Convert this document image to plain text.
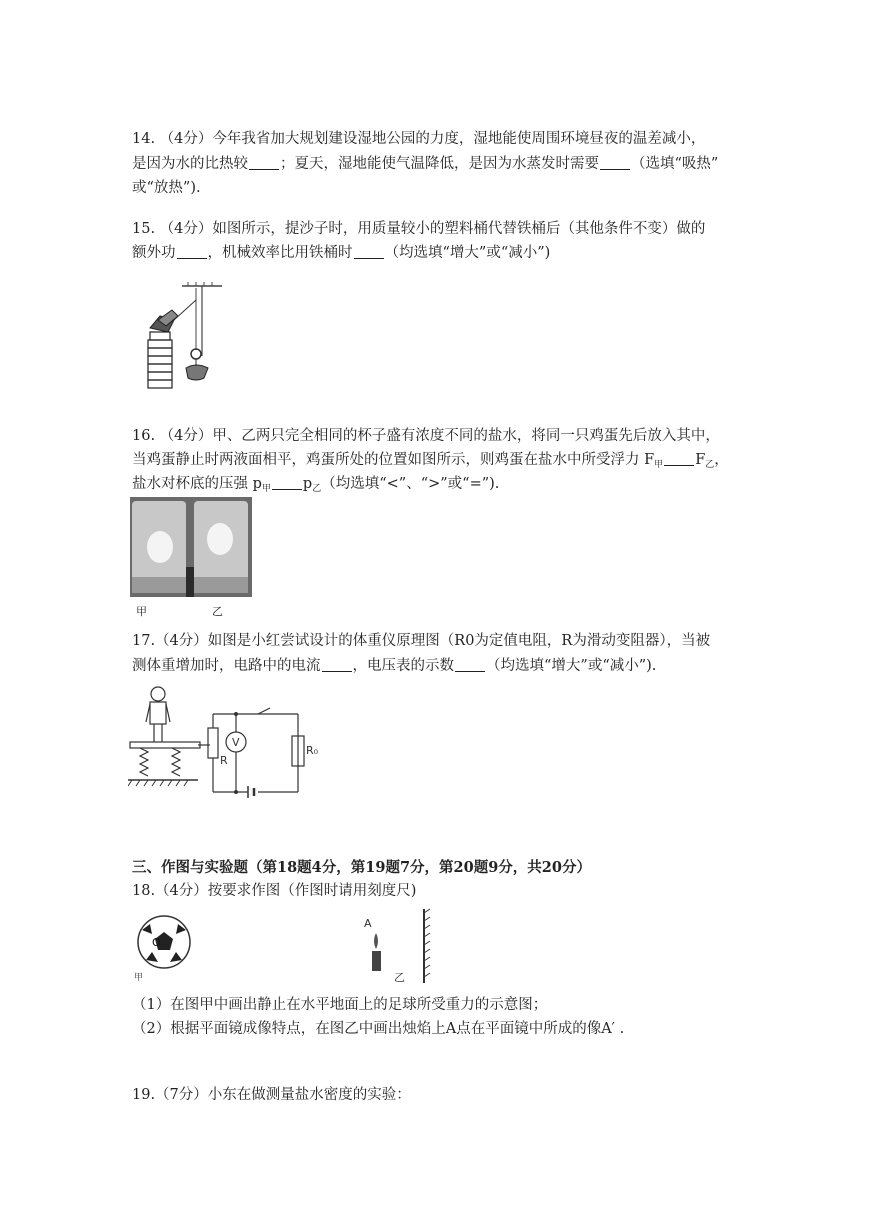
14. （4分）今年我省加大规划建设湿地公园的力度，湿地能使周围环境昼夜的温差减小，
是因为水的比热较 ；夏天，湿地能使气温降低，是因为水蒸发时需要 （选填“吸热”
或“放热”).
15. （4分）如图所示，提沙子时，用质量较小的塑料桶代替铁桶后（其他条件不变）做的
额外功 ，机械效率比用铁桶时 （均选填“增大”或“减小”)
16. （4分）甲、乙两只完全相同的杯子盛有浓度不同的盐水，将同一只鸡蛋先后放入其中，
当鸡蛋静止时两液面相平，鸡蛋所处的位置如图所示，则鸡蛋在盐水中所受浮力 $F_甲$ $F_乙$，
盐水对杯底的压强 $p_甲$ $p_乙$（均选填“<”、“>”或“=”).
甲	乙
17.（4分）如图是小红尝试设计的体重仪原理图（R0为定值电阻，R为滑动变阻器），当被
测体重增加时，电路中的电流 ，电压表的示数 （均选填“增大”或“减小”).
R
V
R₀
三、作图与实验题（第18题4分，第19题7分，第20题9分，共20分）
18.（4分）按要求作图（作图时请用刻度尺)
O
甲
A
乙
（1）在图甲中画出静止在水平地面上的足球所受重力的示意图；
（2）根据平面镜成像特点，在图乙中画出烛焰上A点在平面镜中所成的像A′ .
19.（7分）小东在做测量盐水密度的实验：
